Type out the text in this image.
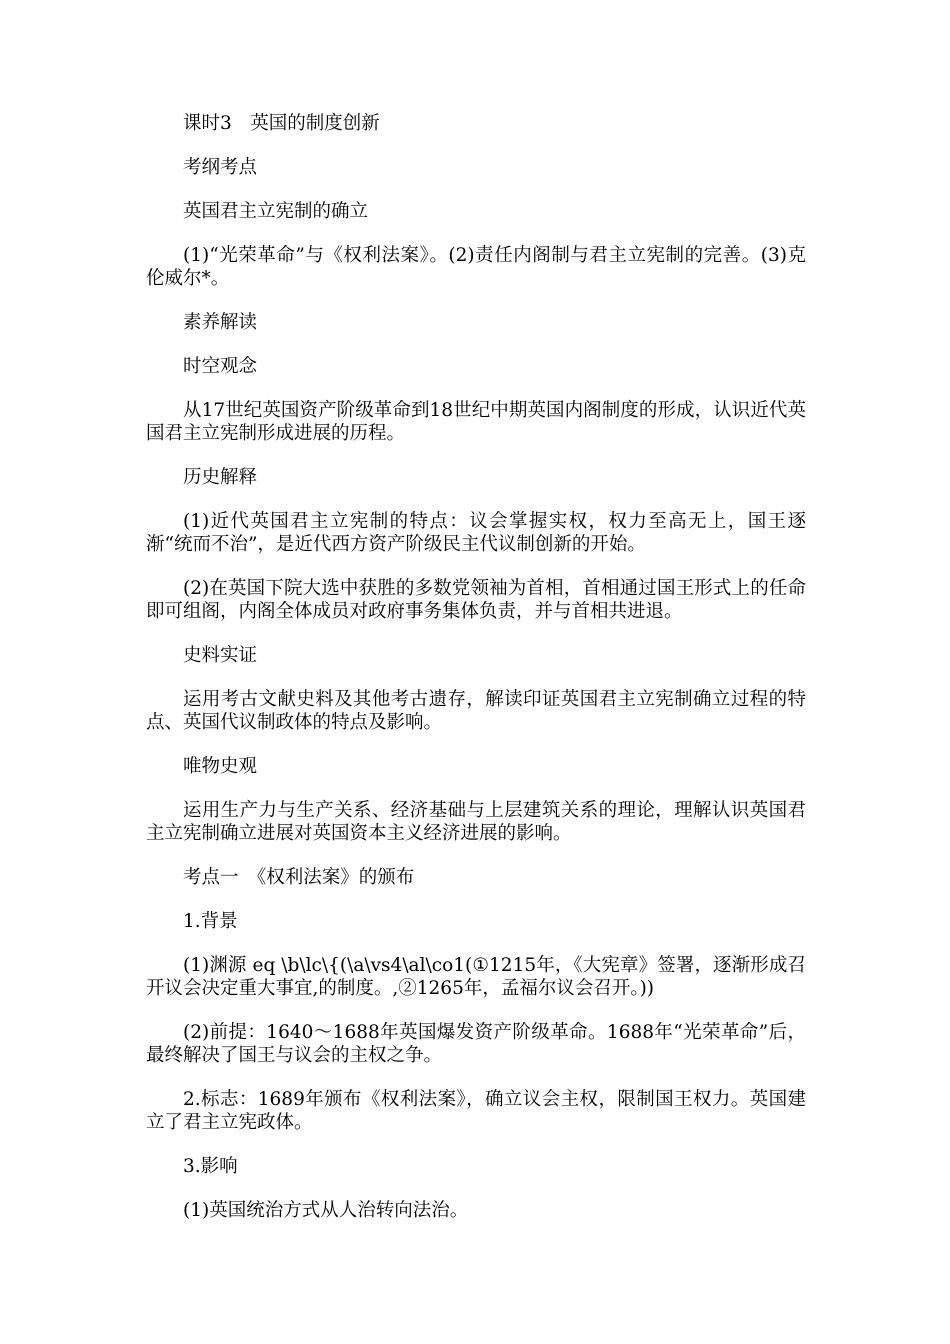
课时3　英国的制度创新

考纲考点

英国君主立宪制的确立

(1)“光荣革命”与《权利法案》。(2)责任内阁制与君主立宪制的完善。(3)克伦威尔*。

素养解读

时空观念

从17世纪英国资产阶级革命到18世纪中期英国内阁制度的形成，认识近代英国君主立宪制形成进展的历程。

历史解释

(1)近代英国君主立宪制的特点：议会掌握实权，权力至高无上，国王逐渐“统而不治”，是近代西方资产阶级民主代议制创新的开始。

(2)在英国下院大选中获胜的多数党领袖为首相，首相通过国王形式上的任命即可组阁，内阁全体成员对政府事务集体负责，并与首相共进退。

史料实证

运用考古文献史料及其他考古遗存，解读印证英国君主立宪制确立过程的特点、英国代议制政体的特点及影响。

唯物史观

运用生产力与生产关系、经济基础与上层建筑关系的理论，理解认识英国君主立宪制确立进展对英国资本主义经济进展的影响。

考点一　《权利法案》的颁布

1.背景

(1)渊源 eq \b\lc\{(\a\vs4\al\co1(①1215年，《大宪章》签署，逐渐形成召开议会决定重大事宜,的制度。,②1265年，孟福尔议会召开。))

(2)前提：1640～1688年英国爆发资产阶级革命。1688年“光荣革命”后，最终解决了国王与议会的主权之争。

2.标志：1689年颁布《权利法案》，确立议会主权，限制国王权力。英国建立了君主立宪政体。

3.影响

(1)英国统治方式从人治转向法治。
